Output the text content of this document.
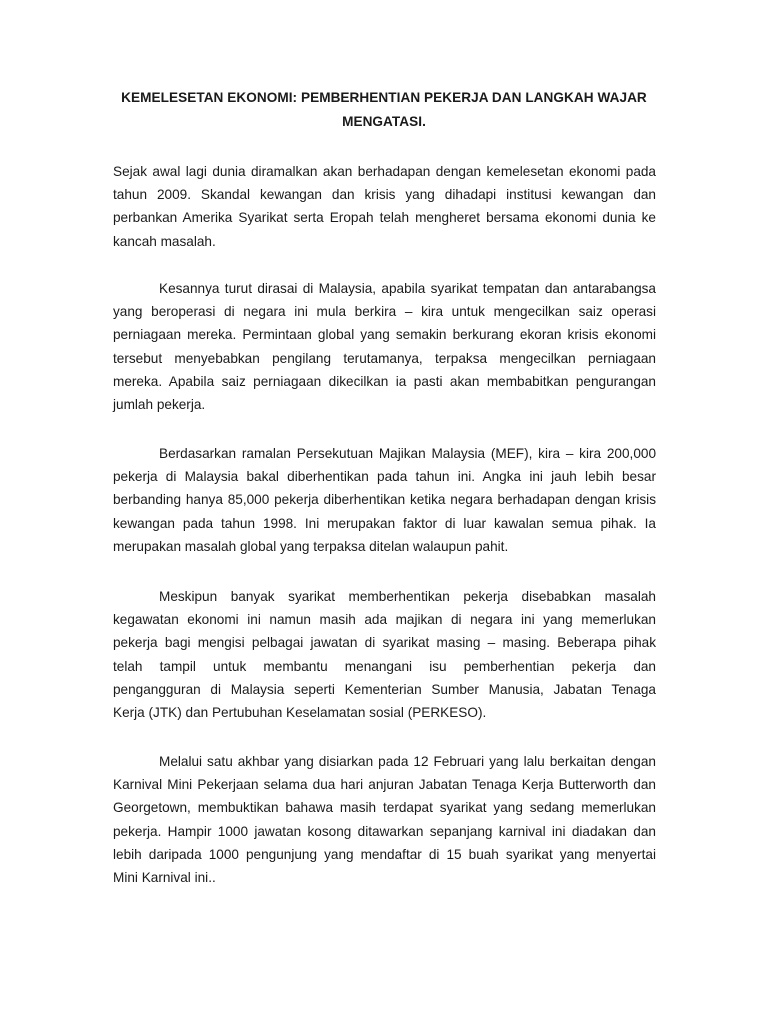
KEMELESETAN EKONOMI: PEMBERHENTIAN PEKERJA DAN LANGKAH WAJAR
MENGATASI.

Sejak awal lagi dunia diramalkan akan berhadapan dengan kemelesetan ekonomi pada
tahun 2009. Skandal kewangan dan krisis yang dihadapi institusi kewangan dan
perbankan Amerika Syarikat serta Eropah telah mengheret bersama ekonomi dunia ke
kancah masalah.

Kesannya turut dirasai di Malaysia, apabila syarikat tempatan dan antarabangsa
yang beroperasi di negara ini mula berkira – kira untuk mengecilkan saiz operasi
perniagaan mereka. Permintaan global yang semakin berkurang ekoran krisis ekonomi
tersebut menyebabkan pengilang terutamanya, terpaksa mengecilkan perniagaan
mereka. Apabila saiz perniagaan dikecilkan ia pasti akan membabitkan pengurangan
jumlah pekerja.

Berdasarkan ramalan Persekutuan Majikan Malaysia (MEF), kira – kira 200,000
pekerja di Malaysia bakal diberhentikan pada tahun ini. Angka ini jauh lebih besar
berbanding hanya 85,000 pekerja diberhentikan ketika negara berhadapan dengan krisis
kewangan pada tahun 1998. Ini merupakan faktor di luar kawalan semua pihak. Ia
merupakan masalah global yang terpaksa ditelan walaupun pahit.

Meskipun banyak syarikat memberhentikan pekerja disebabkan masalah
kegawatan ekonomi ini namun masih ada majikan di negara ini yang memerlukan
pekerja bagi mengisi pelbagai jawatan di syarikat masing – masing. Beberapa pihak
telah tampil untuk membantu menangani isu pemberhentian pekerja dan
pengangguran di Malaysia seperti Kementerian Sumber Manusia, Jabatan Tenaga
Kerja (JTK) dan Pertubuhan Keselamatan sosial (PERKESO).

Melalui satu akhbar yang disiarkan pada 12 Februari yang lalu berkaitan dengan
Karnival Mini Pekerjaan selama dua hari anjuran Jabatan Tenaga Kerja Butterworth dan
Georgetown, membuktikan bahawa masih terdapat syarikat yang sedang memerlukan
pekerja. Hampir 1000 jawatan kosong ditawarkan sepanjang karnival ini diadakan dan
lebih daripada 1000 pengunjung yang mendaftar di 15 buah syarikat yang menyertai
Mini Karnival ini..
